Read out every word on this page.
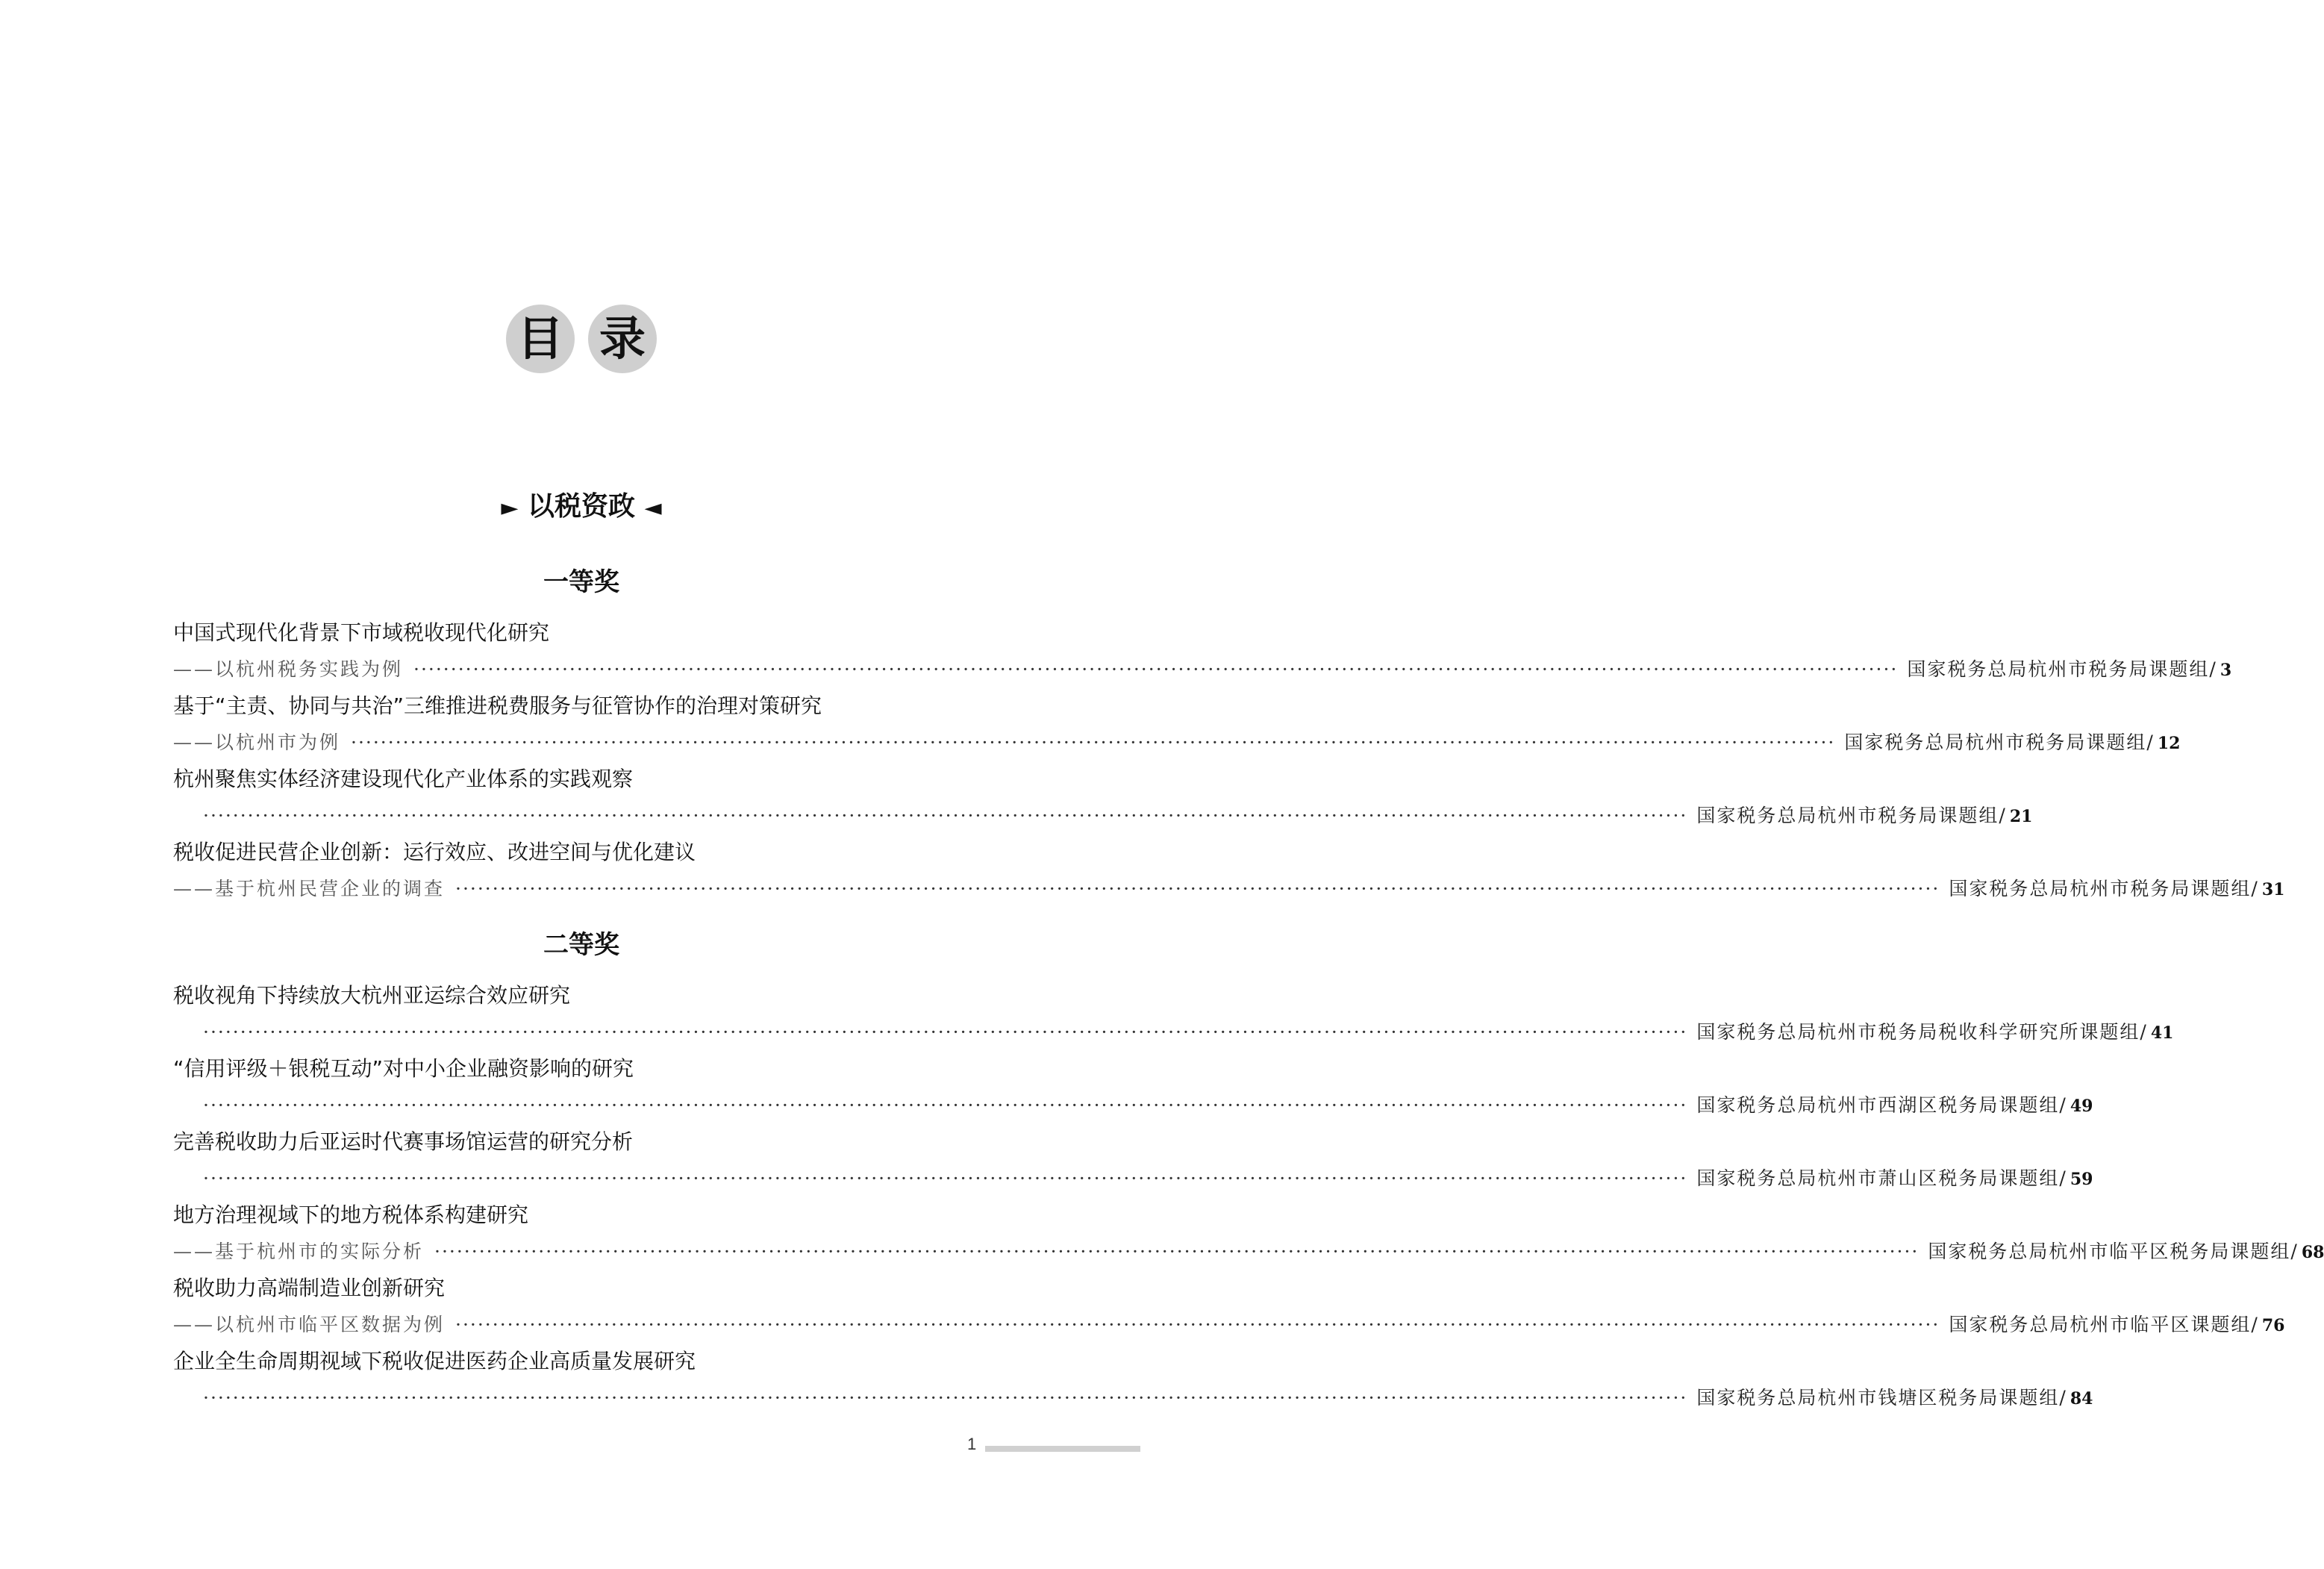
目 录
► 以税资政 ◄
一等奖
中国式现代化背景下市域税收现代化研究
——以杭州税务实践为例 ········································································································································································································ 国家税务总局杭州市税务局课题组 / 3
基于“主责、协同与共治”三维推进税费服务与征管协作的治理对策研究
——以杭州市为例 ········································································································································································································ 国家税务总局杭州市税务局课题组 / 12
杭州聚焦实体经济建设现代化产业体系的实践观察
········································································································································································································ 国家税务总局杭州市税务局课题组 / 21
税收促进民营企业创新：运行效应、改进空间与优化建议
——基于杭州民营企业的调查 ········································································································································································································ 国家税务总局杭州市税务局课题组 / 31
二等奖
税收视角下持续放大杭州亚运综合效应研究
········································································································································································································ 国家税务总局杭州市税务局税收科学研究所课题组 / 41
“信用评级＋银税互动”对中小企业融资影响的研究
········································································································································································································ 国家税务总局杭州市西湖区税务局课题组 / 49
完善税收助力后亚运时代赛事场馆运营的研究分析
········································································································································································································ 国家税务总局杭州市萧山区税务局课题组 / 59
地方治理视域下的地方税体系构建研究
——基于杭州市的实际分析 ········································································································································································································ 国家税务总局杭州市临平区税务局课题组 / 68
税收助力高端制造业创新研究
——以杭州市临平区数据为例 ········································································································································································································ 国家税务总局杭州市临平区课题组 / 76
企业全生命周期视域下税收促进医药企业高质量发展研究
········································································································································································································ 国家税务总局杭州市钱塘区税务局课题组 / 84
1
